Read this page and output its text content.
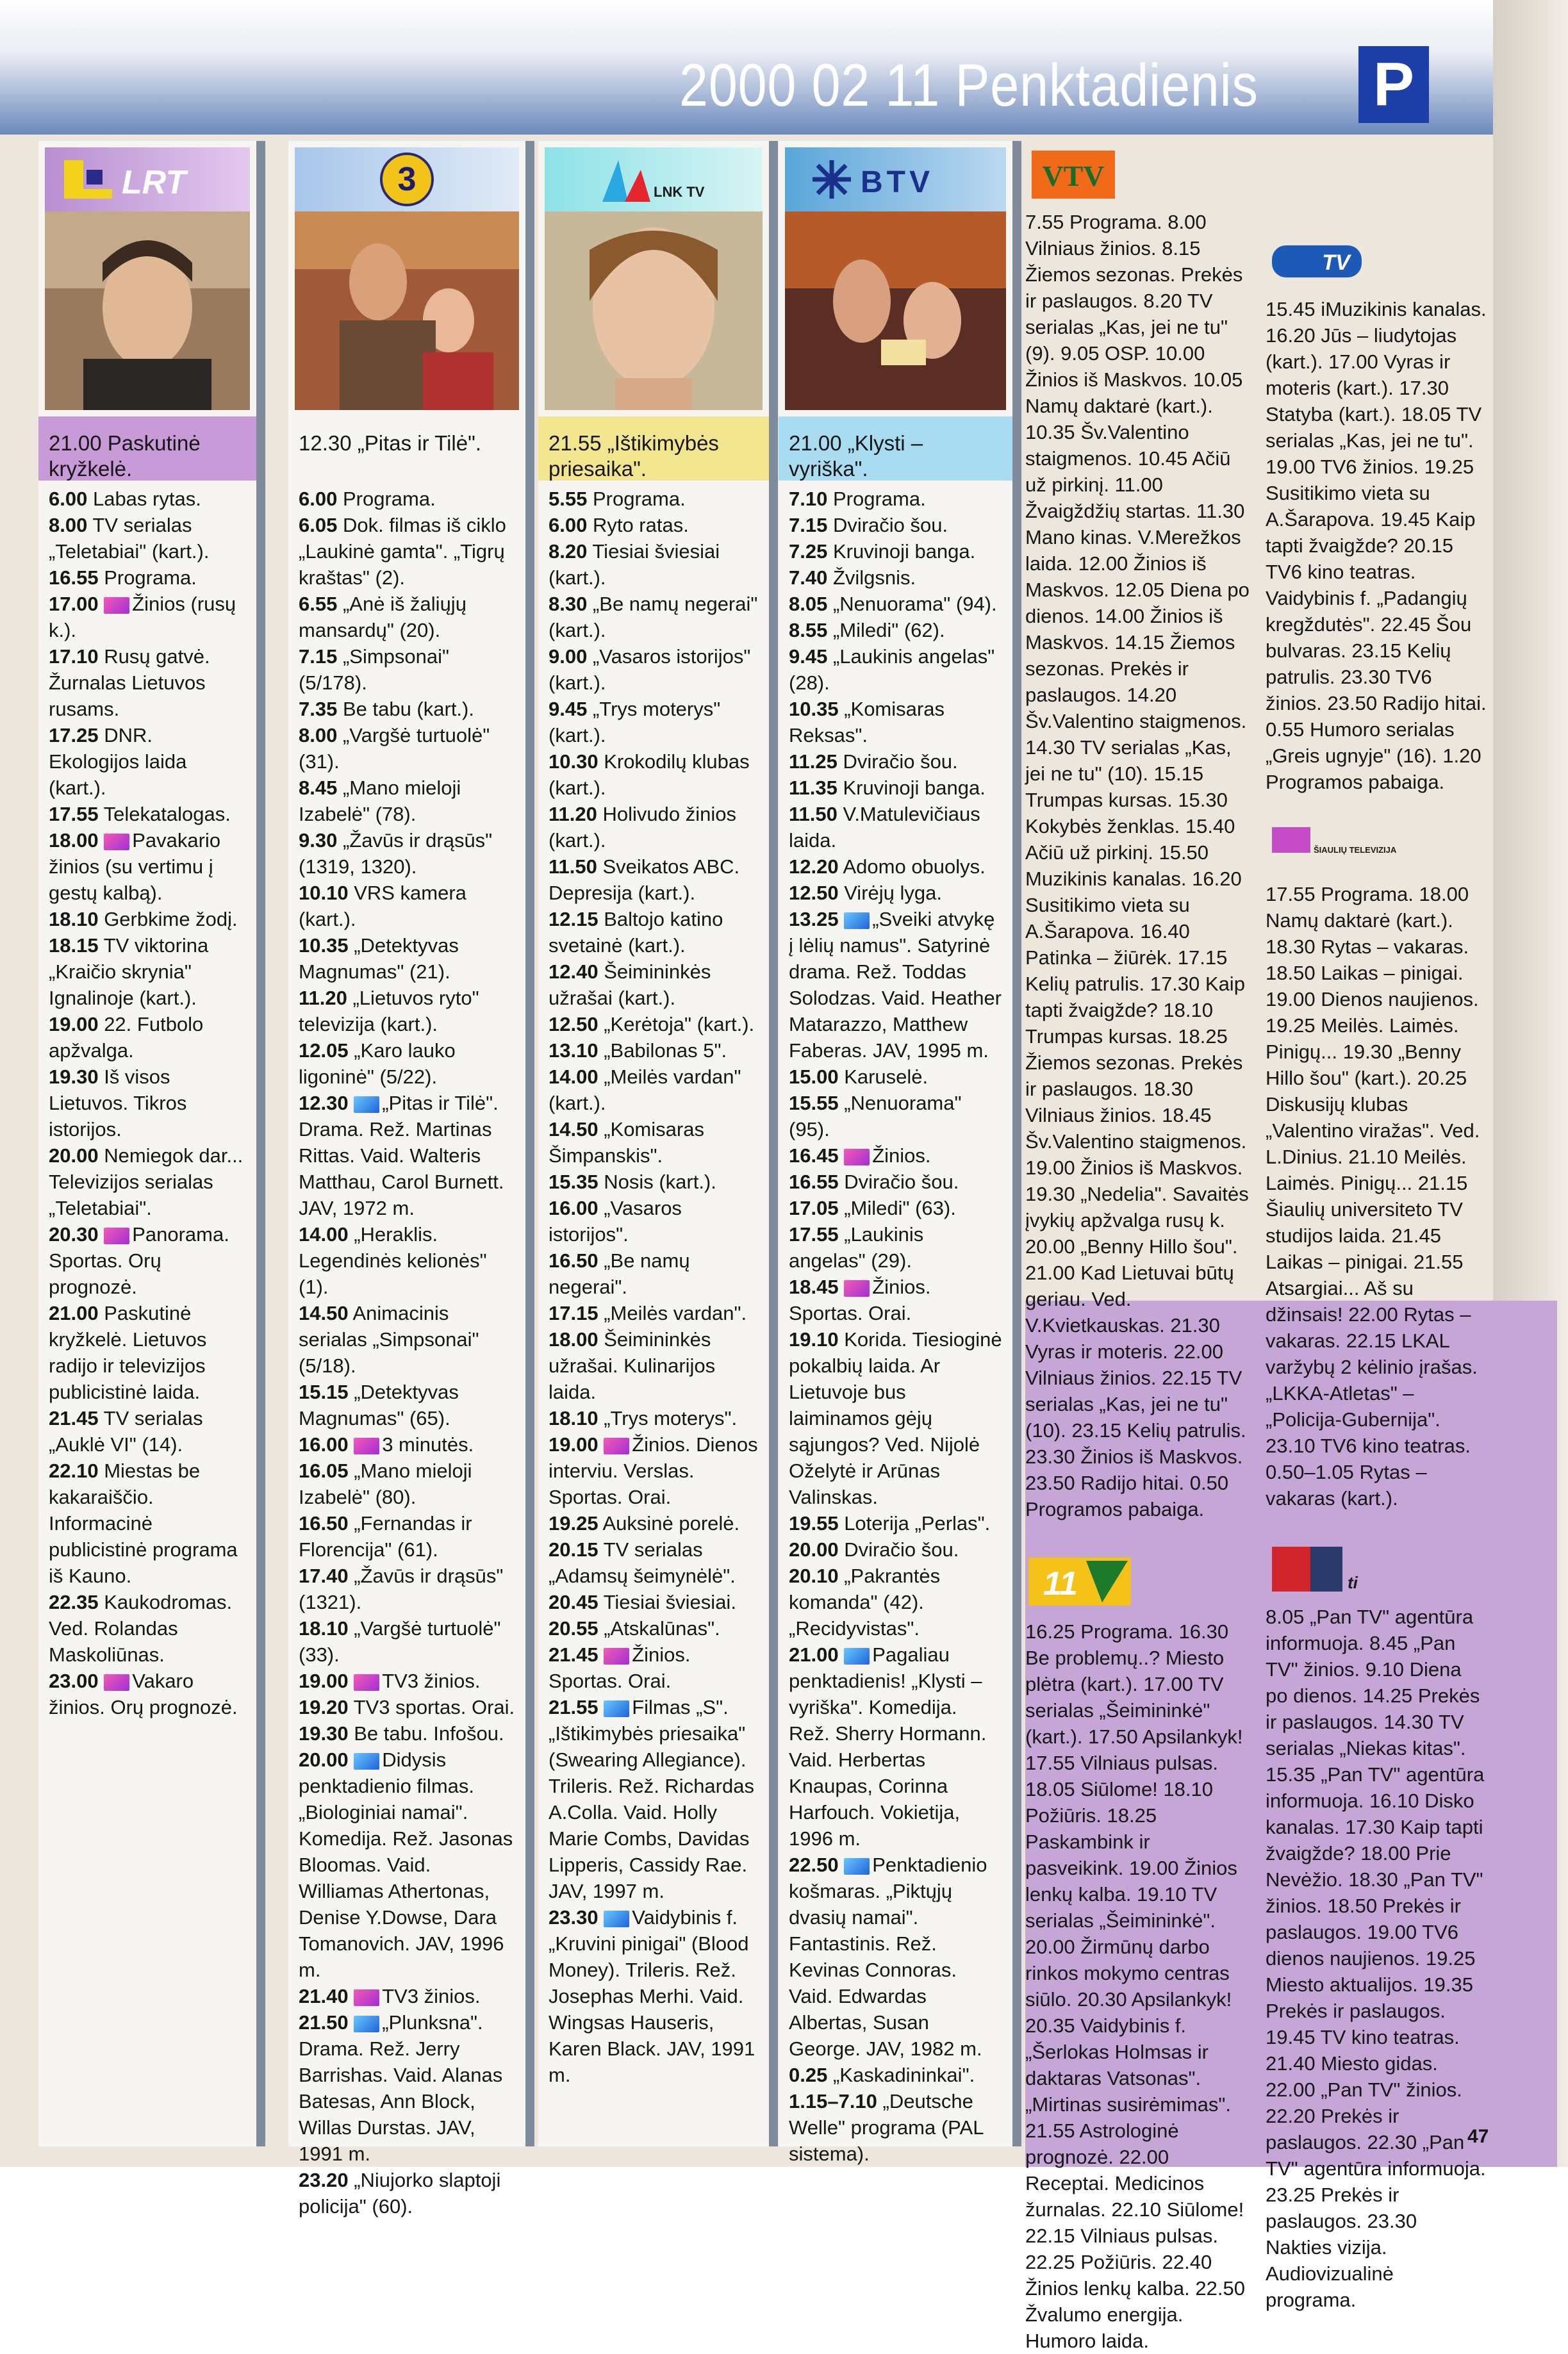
2000 02 11 Penktadienis P
LRT
21.00 Paskutinė kryžkelė.

6.00 Labas rytas.

8.00 TV serialas „Teletabiai" (kart.).

16.55 Programa.

17.00 Žinios (rusų k.).

17.10 Rusų gatvė. Žurnalas Lietuvos rusams.

17.25 DNR. Ekologijos laida (kart.).

17.55 Telekatalogas.

18.00 Pavakario žinios (su vertimu į gestų kalbą).

18.10 Gerbkime žodį.

18.15 TV viktorina „Kraičio skrynia" Ignalinoje (kart.).

19.00 22. Futbolo apžvalga.

19.30 Iš visos Lietuvos. Tikros istorijos.

20.00 Nemiegok dar... Televizijos serialas „Teletabiai".

20.30 Panorama. Sportas. Orų prognozė.

21.00 Paskutinė kryžkelė. Lietuvos radijo ir televizijos publicistinė laida.

21.45 TV serialas „Auklė VI" (14).

22.10 Miestas be kakaraiščio. Informacinė publicistinė programa iš Kauno.

22.35 Kaukodromas. Ved. Rolandas Maskoliūnas.

23.00 Vakaro žinios. Orų prognozė.

3
12.30 „Pitas ir Tilė".

6.00 Programa.

6.05 Dok. filmas iš ciklo „Laukinė gamta". „Tigrų kraštas" (2).

6.55 „Anė iš žaliųjų mansardų" (20).

7.15 „Simpsonai" (5/178).

7.35 Be tabu (kart.).

8.00 „Vargšė turtuolė" (31).

8.45 „Mano mieloji Izabelė" (78).

9.30 „Žavūs ir drąsūs" (1319, 1320).

10.10 VRS kamera (kart.).

10.35 „Detektyvas Magnumas" (21).

11.20 „Lietuvos ryto" televizija (kart.).

12.05 „Karo lauko ligoninė" (5/22).

12.30 „Pitas ir Tilė". Drama. Rež. Martinas Rittas. Vaid. Walteris Matthau, Carol Burnett. JAV, 1972 m.

14.00 „Heraklis. Legendinės kelionės" (1).

14.50 Animacinis serialas „Simpsonai" (5/18).

15.15 „Detektyvas Magnumas" (65).

16.00 3 minutės.

16.05 „Mano mieloji Izabelė" (80).

16.50 „Fernandas ir Florencija" (61).

17.40 „Žavūs ir drąsūs" (1321).

18.10 „Vargšė turtuolė" (33).

19.00 TV3 žinios.

19.20 TV3 sportas. Orai.

19.30 Be tabu. Infošou.

20.00 Didysis penktadienio filmas. „Biologiniai namai". Komedija. Rež. Jasonas Bloomas. Vaid. Williamas Athertonas, Denise Y.Dowse, Dara Tomanovich. JAV, 1996 m.

21.40 TV3 žinios.

21.50 „Plunksna". Drama. Rež. Jerry Barrishas. Vaid. Alanas Batesas, Ann Block, Willas Durstas. JAV, 1991 m.

23.20 „Niujorko slaptoji policija" (60).

LNK TV
21.55 „Ištikimybės priesaika".

5.55 Programa.

6.00 Ryto ratas.

8.20 Tiesiai šviesiai (kart.).

8.30 „Be namų negerai" (kart.).

9.00 „Vasaros istorijos" (kart.).

9.45 „Trys moterys" (kart.).

10.30 Krokodilų klubas (kart.).

11.20 Holivudo žinios (kart.).

11.50 Sveikatos ABC. Depresija (kart.).

12.15 Baltojo katino svetainė (kart.).

12.40 Šeimininkės užrašai (kart.).

12.50 „Kerėtoja" (kart.).

13.10 „Babilonas 5".

14.00 „Meilės vardan" (kart.).

14.50 „Komisaras Šimpanskis".

15.35 Nosis (kart.).

16.00 „Vasaros istorijos".

16.50 „Be namų negerai".

17.15 „Meilės vardan".

18.00 Šeimininkės užrašai. Kulinarijos laida.

18.10 „Trys moterys".

19.00 Žinios. Dienos interviu. Verslas. Sportas. Orai.

19.25 Auksinė porelė.

20.15 TV serialas „Adamsų šeimynėlė".

20.45 Tiesiai šviesiai.

20.55 „Atskalūnas".

21.45 Žinios. Sportas. Orai.

21.55 Filmas „S". „Ištikimybės priesaika" (Swearing Allegiance). Trileris. Rež. Richardas A.Colla. Vaid. Holly Marie Combs, Davidas Lipperis, Cassidy Rae. JAV, 1997 m.

23.30 Vaidybinis f. „Kruvini pinigai" (Blood Money). Trileris. Rež. Josephas Merhi. Vaid. Wingsas Hauseris, Karen Black. JAV, 1991 m.

BTV
21.00 „Klysti – vyriška".

7.10 Programa.

7.15 Dviračio šou.

7.25 Kruvinoji banga.

7.40 Žvilgsnis.

8.05 „Nenuorama" (94).

8.55 „Miledi" (62).

9.45 „Laukinis angelas" (28).

10.35 „Komisaras Reksas".

11.25 Dviračio šou.

11.35 Kruvinoji banga.

11.50 V.Matulevičiaus laida.

12.20 Adomo obuolys.

12.50 Virėjų lyga.

13.25 „Sveiki atvykę į lėlių namus". Satyrinė drama. Rež. Toddas Solodzas. Vaid. Heather Matarazzo, Matthew Faberas. JAV, 1995 m.

15.00 Karuselė.

15.55 „Nenuorama" (95).

16.45 Žinios.

16.55 Dviračio šou.

17.05 „Miledi" (63).

17.55 „Laukinis angelas" (29).

18.45 Žinios. Sportas. Orai.

19.10 Korida. Tiesioginė pokalbių laida. Ar Lietuvoje bus laiminamos gėjų sąjungos? Ved. Nijolė Oželytė ir Arūnas Valinskas.

19.55 Loterija „Perlas".

20.00 Dviračio šou.

20.10 „Pakrantės komanda" (42). „Recidyvistas".

21.00 Pagaliau penktadienis! „Klysti – vyriška". Komedija. Rež. Sherry Hormann. Vaid. Herbertas Knaupas, Corinna Harfouch. Vokietija, 1996 m.

22.50 Penktadienio košmaras. „Piktųjų dvasių namai". Fantastinis. Rež. Kevinas Connoras. Vaid. Edwardas Albertas, Susan George. JAV, 1982 m.

0.25 „Kaskadininkai".

1.15–7.10 „Deutsche Welle" programa (PAL sistema).

VTV

7.55 Programa. 8.00 Vilniaus žinios. 8.15 Žiemos sezonas. Prekės ir paslaugos. 8.20 TV serialas „Kas, jei ne tu" (9). 9.05 OSP. 10.00 Žinios iš Maskvos. 10.05 Namų daktarė (kart.). 10.35 Šv.Valentino staigmenos. 10.45 Ačiū už pirkinį. 11.00 Žvaigždžių startas. 11.30 Mano kinas. V.Merežkos laida. 12.00 Žinios iš Maskvos. 12.05 Diena po dienos. 14.00 Žinios iš Maskvos. 14.15 Žiemos sezonas. Prekės ir paslaugos. 14.20 Šv.Valentino staigmenos. 14.30 TV serialas „Kas, jei ne tu" (10). 15.15 Trumpas kursas. 15.30 Kokybės ženklas. 15.40 Ačiū už pirkinį. 15.50 Muzikinis kanalas. 16.20 Susitikimo vieta su A.Šarapova. 16.40 Patinka – žiūrėk. 17.15 Kelių patrulis. 17.30 Kaip tapti žvaigžde? 18.10 Trumpas kursas. 18.25 Žiemos sezonas. Prekės ir paslaugos. 18.30 Vilniaus žinios. 18.45 Šv.Valentino staigmenos. 19.00 Žinios iš Maskvos. 19.30 „Nedelia". Savaitės įvykių apžvalga rusų k. 20.00 „Benny Hillo šou". 21.00 Kad Lietuvai būtų geriau. Ved. V.Kvietkauskas. 21.30 Vyras ir moteris. 22.00 Vilniaus žinios. 22.15 TV serialas „Kas, jei ne tu" (10). 23.15 Kelių patrulis. 23.30 Žinios iš Maskvos. 23.50 Radijo hitai. 0.50 Programos pabaiga.

11

16.25 Programa. 16.30 Be problemų..? Miesto plėtra (kart.). 17.00 TV serialas „Šeimininkė" (kart.). 17.50 Apsilankyk! 17.55 Vilniaus pulsas. 18.05 Siūlome! 18.10 Požiūris. 18.25 Paskambink ir pasveikink. 19.00 Žinios lenkų kalba. 19.10 TV serialas „Šeimininkė". 20.00 Žirmūnų darbo rinkos mokymo centras siūlo. 20.30 Apsilankyk! 20.35 Vaidybinis f. „Šerlokas Holmsas ir daktaras Vatsonas". „Mirtinas susirėmimas". 21.55 Astrologinė prognozė. 22.00 Receptai. Medicinos žurnalas. 22.10 Siūlome! 22.15 Vilniaus pulsas. 22.25 Požiūris. 22.40 Žinios lenkų kalba. 22.50 Žvalumo energija. Humoro laida.

TV

15.45 iMuzikinis kanalas. 16.20 Jūs – liudytojas (kart.). 17.00 Vyras ir moteris (kart.). 17.30 Statyba (kart.). 18.05 TV serialas „Kas, jei ne tu". 19.00 TV6 žinios. 19.25 Susitikimo vieta su A.Šarapova. 19.45 Kaip tapti žvaigžde? 20.15 TV6 kino teatras. Vaidybinis f. „Padangių kregždutės". 22.45 Šou bulvaras. 23.15 Kelių patrulis. 23.30 TV6 žinios. 23.50 Radijo hitai. 0.55 Humoro serialas „Greis ugnyje" (16). 1.20 Programos pabaiga.

ŠIAULIŲ TELEVIZIJA

17.55 Programa. 18.00 Namų daktarė (kart.). 18.30 Rytas – vakaras. 18.50 Laikas – pinigai. 19.00 Dienos naujienos. 19.25 Meilės. Laimės. Pinigų... 19.30 „Benny Hillo šou" (kart.). 20.25 Diskusijų klubas „Valentino viražas". Ved. L.Dinius. 21.10 Meilės. Laimės. Pinigų... 21.15 Šiaulių universiteto TV studijos laida. 21.45 Laikas – pinigai. 21.55 Atsargiai... Aš su džinsais! 22.00 Rytas – vakaras. 22.15 LKAL varžybų 2 kėlinio įrašas. „LKKA-Atletas" – „Policija-Gubernija". 23.10 TV6 kino teatras. 0.50–1.05 Rytas – vakaras (kart.).

ti

8.05 „Pan TV" agentūra informuoja. 8.45 „Pan TV" žinios. 9.10 Diena po dienos. 14.25 Prekės ir paslaugos. 14.30 TV serialas „Niekas kitas". 15.35 „Pan TV" agentūra informuoja. 16.10 Disko kanalas. 17.30 Kaip tapti žvaigžde? 18.00 Prie Nevėžio. 18.30 „Pan TV" žinios. 18.50 Prekės ir paslaugos. 19.00 TV6 dienos naujienos. 19.25 Miesto aktualijos. 19.35 Prekės ir paslaugos. 19.45 TV kino teatras. 21.40 Miesto gidas. 22.00 „Pan TV" žinios. 22.20 Prekės ir paslaugos. 22.30 „Pan TV" agentūra informuoja. 23.25 Prekės ir paslaugos. 23.30 Nakties vizija. Audiovizualinė programa.

47
